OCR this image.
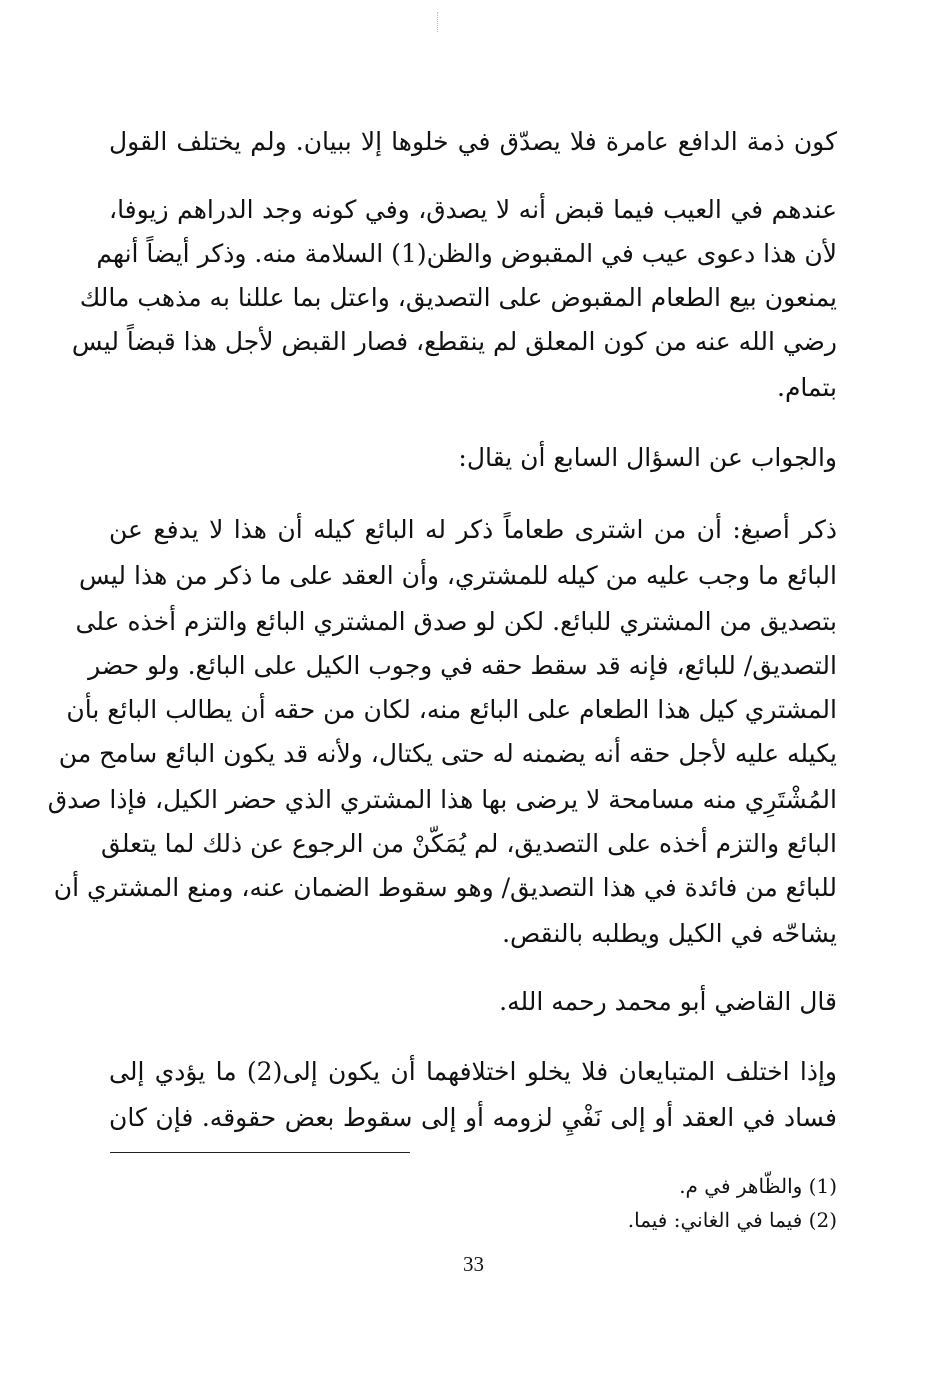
كون ذمة الدافع عامرة فلا يصدّق في خلوها إلا ببيان. ولم يختلف القول
عندهم في العيب فيما قبض أنه لا يصدق، وفي كونه وجد الدراهم زيوفا،
لأن هذا دعوى عيب في المقبوض والظن(1) السلامة منه. وذكر أيضاً أنهم
يمنعون بيع الطعام المقبوض على التصديق، واعتل بما عللنا به مذهب مالك
رضي الله عنه من كون المعلق لم ينقطع، فصار القبض لأجل هذا قبضاً ليس
بتمام.
والجواب عن السؤال السابع أن يقال:
ذكر أصبغ: أن من اشترى طعاماً ذكر له البائع كيله أن هذا لا يدفع عن
البائع ما وجب عليه من كيله للمشتري، وأن العقد على ما ذكر من هذا ليس
بتصديق من المشتري للبائع. لكن لو صدق المشتري البائع والتزم أخذه على
التصديق/ للبائع، فإنه قد سقط حقه في وجوب الكيل على البائع. ولو حضر
المشتري كيل هذا الطعام على البائع منه، لكان من حقه أن يطالب البائع بأن
يكيله عليه لأجل حقه أنه يضمنه له حتى يكتال، ولأنه قد يكون البائع سامح من
المُشْتَرِي منه مسامحة لا يرضى بها هذا المشتري الذي حضر الكيل، فإذا صدق
البائع والتزم أخذه على التصديق، لم يُمَكّنْ من الرجوع عن ذلك لما يتعلق
للبائع من فائدة في هذا التصديق/ وهو سقوط الضمان عنه، ومنع المشتري أن
يشاحّه في الكيل ويطلبه بالنقص.
قال القاضي أبو محمد رحمه الله.
وإذا اختلف المتبايعان فلا يخلو اختلافهما أن يكون إلى(2) ما يؤدي إلى
فساد في العقد أو إلى نَفْيِ لزومه أو إلى سقوط بعض حقوقه. فإن كان
(1) والظّاهر في م.
(2) فيما في الغاني: فيما.
33
